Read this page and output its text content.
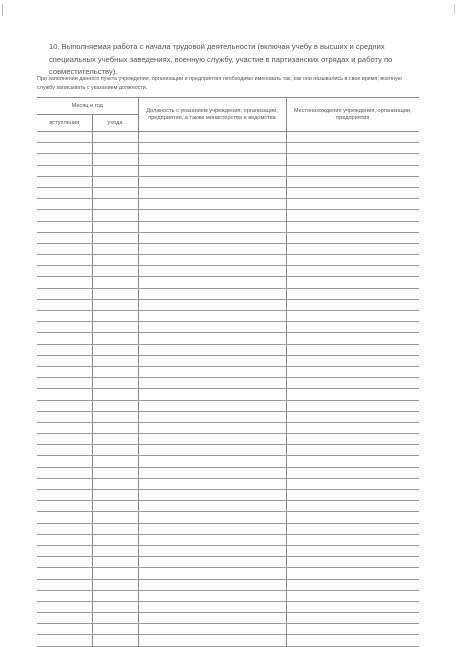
10. Выполняемая работа с начала трудовой деятельности (включая учебу в высших и средних специальных учебных заведениях, военную службу, участие в партизанских отрядах и работу по совместительству).
При заполнении данного пункта учреждения, организации и предприятия необходимо именовать так, как они назывались в свое время, военную службу записывать с указанием должности.
Месяц и год		Должность с указанием учреждения, организации, предприятия, а также министерства и ведомства	Местонахождение учреждения, организации, предприятия
вступления	ухода		
